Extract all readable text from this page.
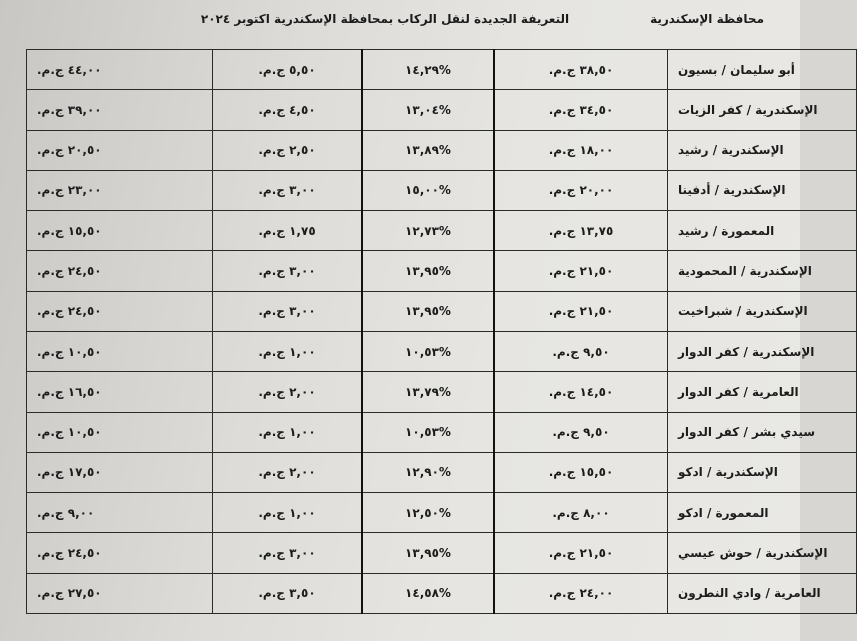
محافظة الإسكندرية
التعريفة الجديدة لنقل الركاب بمحافظة الإسكندرية اكتوبر ٢٠٢٤
٤٤,٠٠ ج.م.	٥,٥٠ ج.م.	%١٤,٢٩	٣٨,٥٠ ج.م.	أبو سليمان / بسيون
٣٩,٠٠ ج.م.	٤,٥٠ ج.م.	%١٣,٠٤	٣٤,٥٠ ج.م.	الإسكندرية / كفر الزيات
٢٠,٥٠ ج.م.	٢,٥٠ ج.م.	%١٣,٨٩	١٨,٠٠ ج.م.	الإسكندرية / رشيد
٢٣,٠٠ ج.م.	٣,٠٠ ج.م.	%١٥,٠٠	٢٠,٠٠ ج.م.	الإسكندرية / أدفينا
١٥,٥٠ ج.م.	١,٧٥ ج.م.	%١٢,٧٣	١٣,٧٥ ج.م.	المعمورة / رشيد
٢٤,٥٠ ج.م.	٣,٠٠ ج.م.	%١٣,٩٥	٢١,٥٠ ج.م.	الإسكندرية / المحمودية
٢٤,٥٠ ج.م.	٣,٠٠ ج.م.	%١٣,٩٥	٢١,٥٠ ج.م.	الإسكندرية / شبراخيت
١٠,٥٠ ج.م.	١,٠٠ ج.م.	%١٠,٥٣	٩,٥٠ ج.م.	الإسكندرية / كفر الدوار
١٦,٥٠ ج.م.	٢,٠٠ ج.م.	%١٣,٧٩	١٤,٥٠ ج.م.	العامرية / كفر الدوار
١٠,٥٠ ج.م.	١,٠٠ ج.م.	%١٠,٥٣	٩,٥٠ ج.م.	سيدي بشر / كفر الدوار
١٧,٥٠ ج.م.	٢,٠٠ ج.م.	%١٢,٩٠	١٥,٥٠ ج.م.	الإسكندرية / ادكو
٩,٠٠ ج.م.	١,٠٠ ج.م.	%١٢,٥٠	٨,٠٠ ج.م.	المعمورة / ادكو
٢٤,٥٠ ج.م.	٣,٠٠ ج.م.	%١٣,٩٥	٢١,٥٠ ج.م.	الإسكندرية / حوش عيسي
٢٧,٥٠ ج.م.	٣,٥٠ ج.م.	%١٤,٥٨	٢٤,٠٠ ج.م.	العامرية / وادي النطرون
